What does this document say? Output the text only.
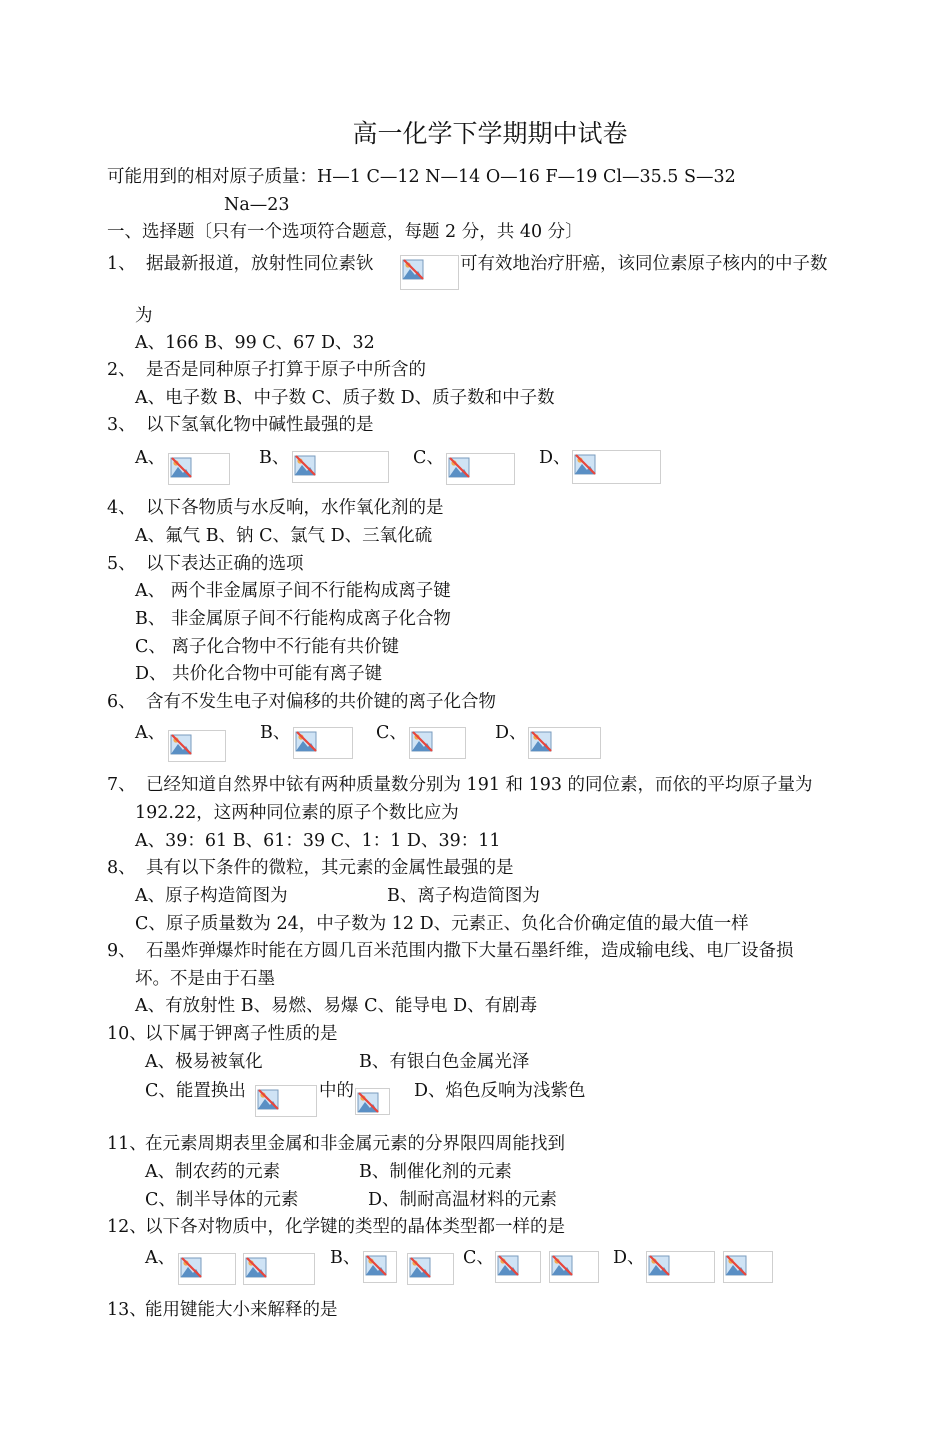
高一化学下学期期中试卷
可能用到的相对原子质量：H—1 C—12 N—14 O—16 F—19 Cl—35.5 S—32
Na—23
一、选择题〔只有一个选项符合题意，每题 2 分，共 40 分〕
1、 据最新报道，放射性同位素钬	可有效地治疗肝癌，该同位素原子核内的中子数
为
A、166 B、99 C、67 D、32
2、 是否是同种原子打算于原子中所含的
A、电子数 B、中子数 C、质子数 D、质子数和中子数
3、 以下氢氧化物中碱性最强的是
A、	B、	C、	D、
4、 以下各物质与水反响，水作氧化剂的是
A、氟气 B、钠 C、氯气 D、三氧化硫
5、 以下表达正确的选项
A、 两个非金属原子间不行能构成离子键
B、 非金属原子间不行能构成离子化合物
C、 离子化合物中不行能有共价键
D、 共价化合物中可能有离子键
6、 含有不发生电子对偏移的共价键的离子化合物
A、	B、	C、	D、
7、 已经知道自然界中铱有两种质量数分别为 191 和 193 的同位素，而依的平均原子量为
192.22，这两种同位素的原子个数比应为
A、39：61 B、61：39 C、1：1 D、39：11
8、 具有以下条件的微粒，其元素的金属性最强的是
A、原子构造简图为	B、离子构造简图为
C、原子质量数为 24，中子数为 12 D、元素正、负化合价确定值的最大值一样
9、 石墨炸弹爆炸时能在方圆几百米范围内撒下大量石墨纤维，造成输电线、电厂设备损
坏。不是由于石墨
A、有放射性 B、易燃、易爆 C、能导电 D、有剧毒
10、
以下属于钾离子性质的是
A、极易被氧化	B、有银白色金属光泽
C、能置换出	中的	D、焰色反响为浅紫色
11、
在元素周期表里金属和非金属元素的分界限四周能找到
A、制农药的元素	B、制催化剂的元素
C、制半导体的元素	D、制耐高温材料的元素
12、
以下各对物质中，化学键的类型的晶体类型都一样的是
A、	B、	C、	D、
13、
能用键能大小来解释的是
